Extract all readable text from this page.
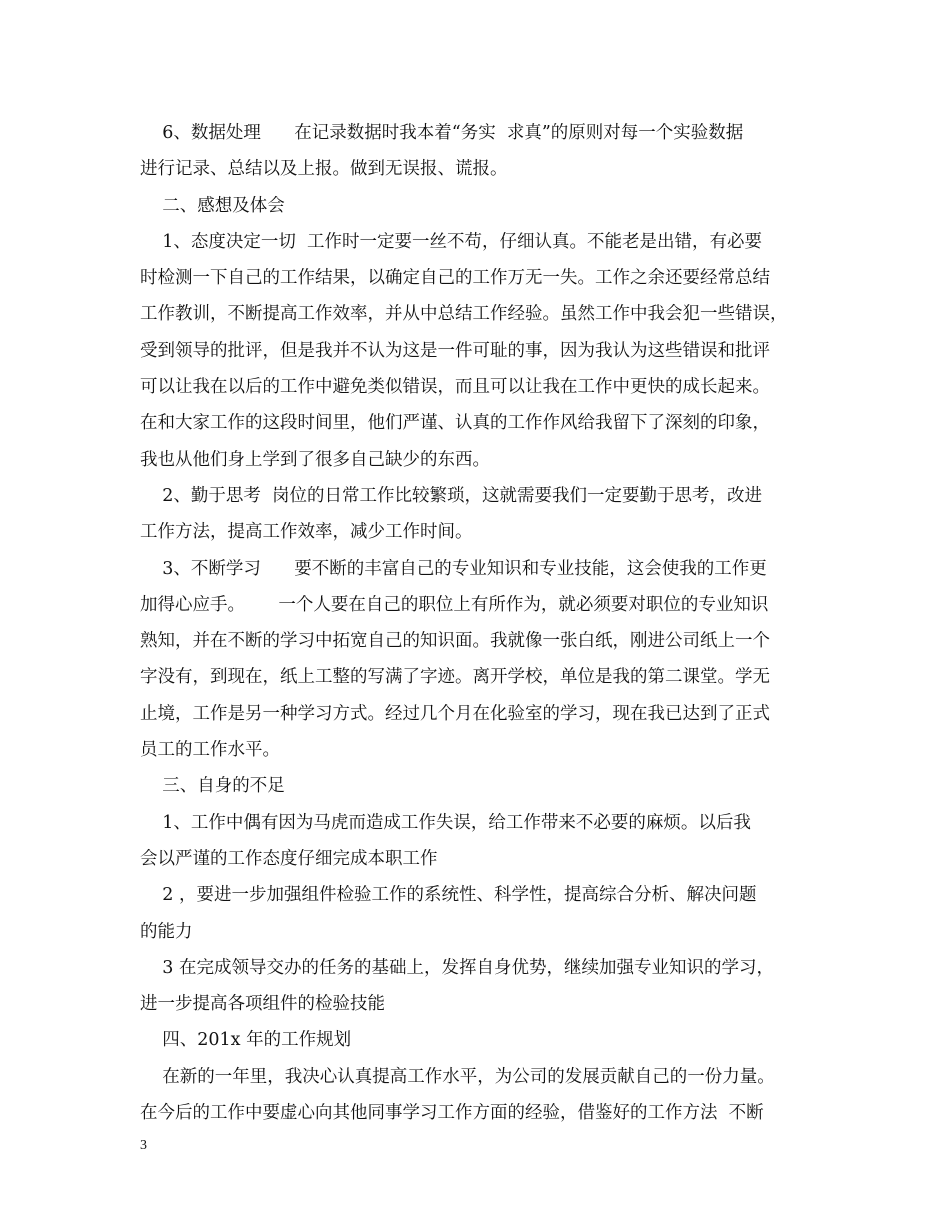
6、数据处理      在记录数据时我本着“务实  求真”的原则对每一个实验数据
进行记录、总结以及上报。做到无误报、谎报。
二、感想及体会
1、态度决定一切  工作时一定要一丝不苟，仔细认真。不能老是出错，有必要
时检测一下自己的工作结果，以确定自己的工作万无一失。工作之余还要经常总结
工作教训，不断提高工作效率，并从中总结工作经验。虽然工作中我会犯一些错误，
受到领导的批评，但是我并不认为这是一件可耻的事，因为我认为这些错误和批评
可以让我在以后的工作中避免类似错误，而且可以让我在工作中更快的成长起来。
在和大家工作的这段时间里，他们严谨、认真的工作作风给我留下了深刻的印象，
我也从他们身上学到了很多自己缺少的东西。
2、勤于思考  岗位的日常工作比较繁琐，这就需要我们一定要勤于思考，改进
工作方法，提高工作效率，减少工作时间。
3、不断学习      要不断的丰富自己的专业知识和专业技能，这会使我的工作更
加得心应手。      一个人要在自己的职位上有所作为，就必须要对职位的专业知识
熟知，并在不断的学习中拓宽自己的知识面。我就像一张白纸，刚进公司纸上一个
字没有，到现在，纸上工整的写满了字迹。离开学校，单位是我的第二课堂。学无
止境，工作是另一种学习方式。经过几个月在化验室的学习，现在我已达到了正式
员工的工作水平。
三、自身的不足
1、工作中偶有因为马虎而造成工作失误，给工作带来不必要的麻烦。以后我
会以严谨的工作态度仔细完成本职工作
2 ，要进一步加强组件检验工作的系统性、科学性，提高综合分析、解决问题
的能力
3 在完成领导交办的任务的基础上，发挥自身优势，继续加强专业知识的学习，
进一步提高各项组件的检验技能
四、201x 年的工作规划
在新的一年里，我决心认真提高工作水平，为公司的发展贡献自己的一份力量。
在今后的工作中要虚心向其他同事学习工作方面的经验，借鉴好的工作方法  不断
3
